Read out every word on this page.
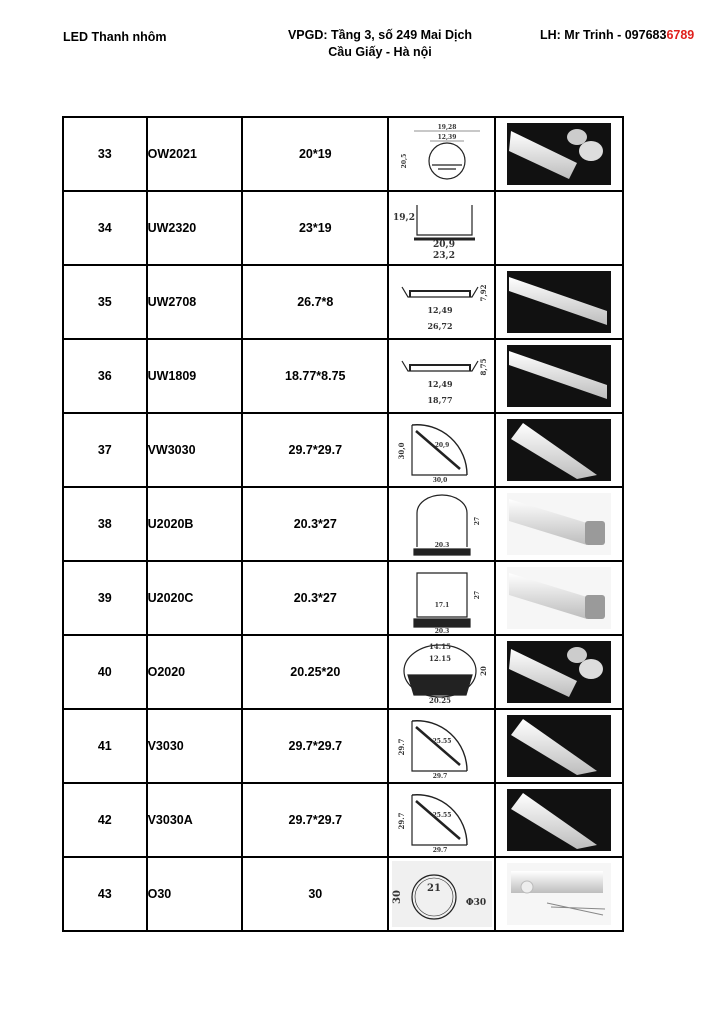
LED Thanh nhôm	VPGD: Tầng 3, số 249 Mai Dịch
Cầu Giấy - Hà nội
LH: Mr Trinh - 0976836789
33	OW2021	20*19	19,28
12,39
20,5

34	UW2320	23*19	19,2
20,9
23,2	

35	UW2708	26.7*8	12,49
26,72
7,92

36	UW1809	18.77*8.75	12,49
18,77
8,75

37	VW3030	29.7*29.7	30,0 20,9
30,0

38	U2020B	20.3*27	27
20.3

39	U2020C	20.3*27	27
17.1
20.3

40	O2020	20.25*20	14.15
12.15
20
20.25

41	V3030	29.7*29.7	29.7 25.55
29.7

42	V3030A	29.7*29.7	29.7 25.55
29.7

43	O30	30	30
21
Φ30
